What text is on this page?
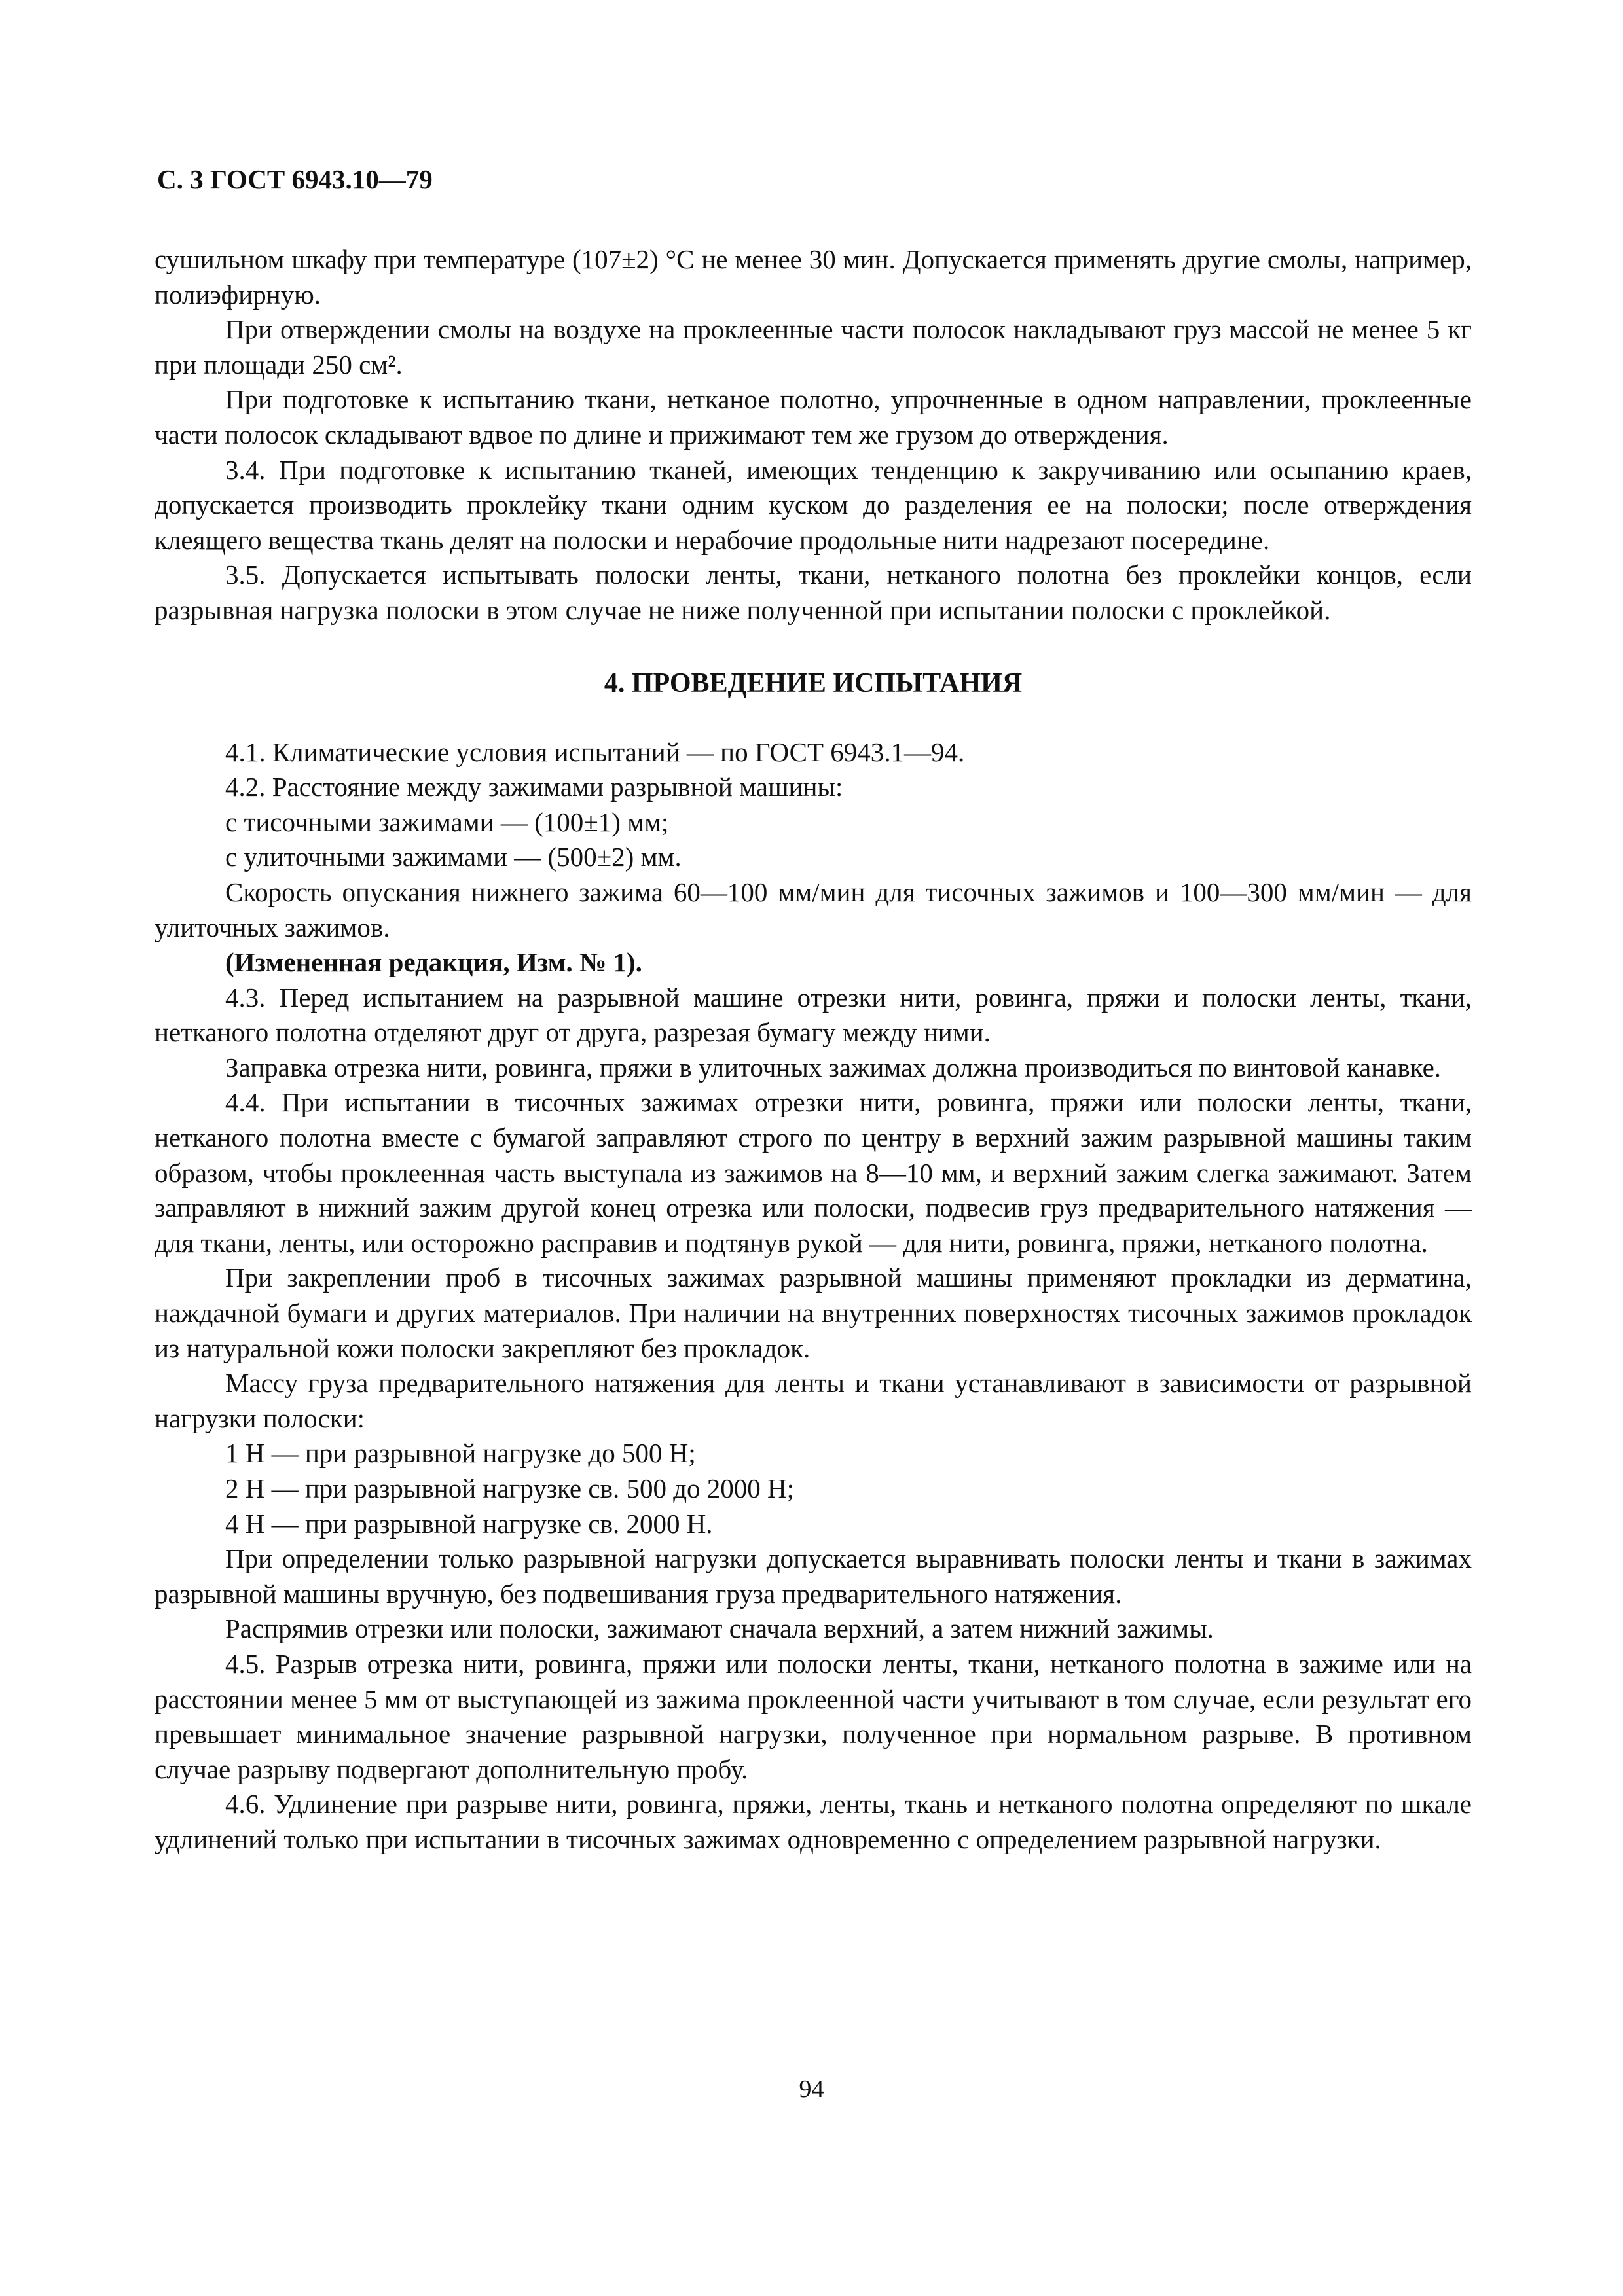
С. 3 ГОСТ 6943.10—79

сушильном шкафу при температуре (107±2) °С не менее 30 мин. Допускается применять другие смолы, например, полиэфирную.

При отверждении смолы на воздухе на проклеенные части полосок накладывают груз массой не менее 5 кг при площади 250 см².

При подготовке к испытанию ткани, нетканое полотно, упрочненные в одном направлении, проклеенные части полосок складывают вдвое по длине и прижимают тем же грузом до отверждения.

3.4. При подготовке к испытанию тканей, имеющих тенденцию к закручиванию или осыпанию краев, допускается производить проклейку ткани одним куском до разделения ее на полоски; после отверждения клеящего вещества ткань делят на полоски и нерабочие продольные нити надрезают посередине.

3.5. Допускается испытывать полоски ленты, ткани, нетканого полотна без проклейки концов, если разрывная нагрузка полоски в этом случае не ниже полученной при испытании полоски с проклейкой.

4. ПРОВЕДЕНИЕ ИСПЫТАНИЯ

4.1. Климатические условия испытаний — по ГОСТ 6943.1—94.

4.2. Расстояние между зажимами разрывной машины:

с тисочными зажимами — (100±1) мм;

с улиточными зажимами — (500±2) мм.

Скорость опускания нижнего зажима 60—100 мм/мин для тисочных зажимов и 100—300 мм/мин — для улиточных зажимов.

(Измененная редакция, Изм. № 1).

4.3. Перед испытанием на разрывной машине отрезки нити, ровинга, пряжи и полоски ленты, ткани, нетканого полотна отделяют друг от друга, разрезая бумагу между ними.

Заправка отрезка нити, ровинга, пряжи в улиточных зажимах должна производиться по винтовой канавке.

4.4. При испытании в тисочных зажимах отрезки нити, ровинга, пряжи или полоски ленты, ткани, нетканого полотна вместе с бумагой заправляют строго по центру в верхний зажим разрывной машины таким образом, чтобы проклеенная часть выступала из зажимов на 8—10 мм, и верхний зажим слегка зажимают. Затем заправляют в нижний зажим другой конец отрезка или полоски, подвесив груз предварительного натяжения — для ткани, ленты, или осторожно расправив и подтянув рукой — для нити, ровинга, пряжи, нетканого полотна.

При закреплении проб в тисочных зажимах разрывной машины применяют прокладки из дерматина, наждачной бумаги и других материалов. При наличии на внутренних поверхностях тисочных зажимов прокладок из натуральной кожи полоски закрепляют без прокладок.

Массу груза предварительного натяжения для ленты и ткани устанавливают в зависимости от разрывной нагрузки полоски:

1 Н — при разрывной нагрузке до 500 Н;

2 Н — при разрывной нагрузке св. 500 до 2000 Н;

4 Н — при разрывной нагрузке св. 2000 Н.

При определении только разрывной нагрузки допускается выравнивать полоски ленты и ткани в зажимах разрывной машины вручную, без подвешивания груза предварительного натяжения.

Распрямив отрезки или полоски, зажимают сначала верхний, а затем нижний зажимы.

4.5. Разрыв отрезка нити, ровинга, пряжи или полоски ленты, ткани, нетканого полотна в зажиме или на расстоянии менее 5 мм от выступающей из зажима проклеенной части учитывают в том случае, если результат его превышает минимальное значение разрывной нагрузки, полученное при нормальном разрыве. В противном случае разрыву подвергают дополнительную пробу.

4.6. Удлинение при разрыве нити, ровинга, пряжи, ленты, ткань и нетканого полотна определяют по шкале удлинений только при испытании в тисочных зажимах одновременно с определением разрывной нагрузки.

94
